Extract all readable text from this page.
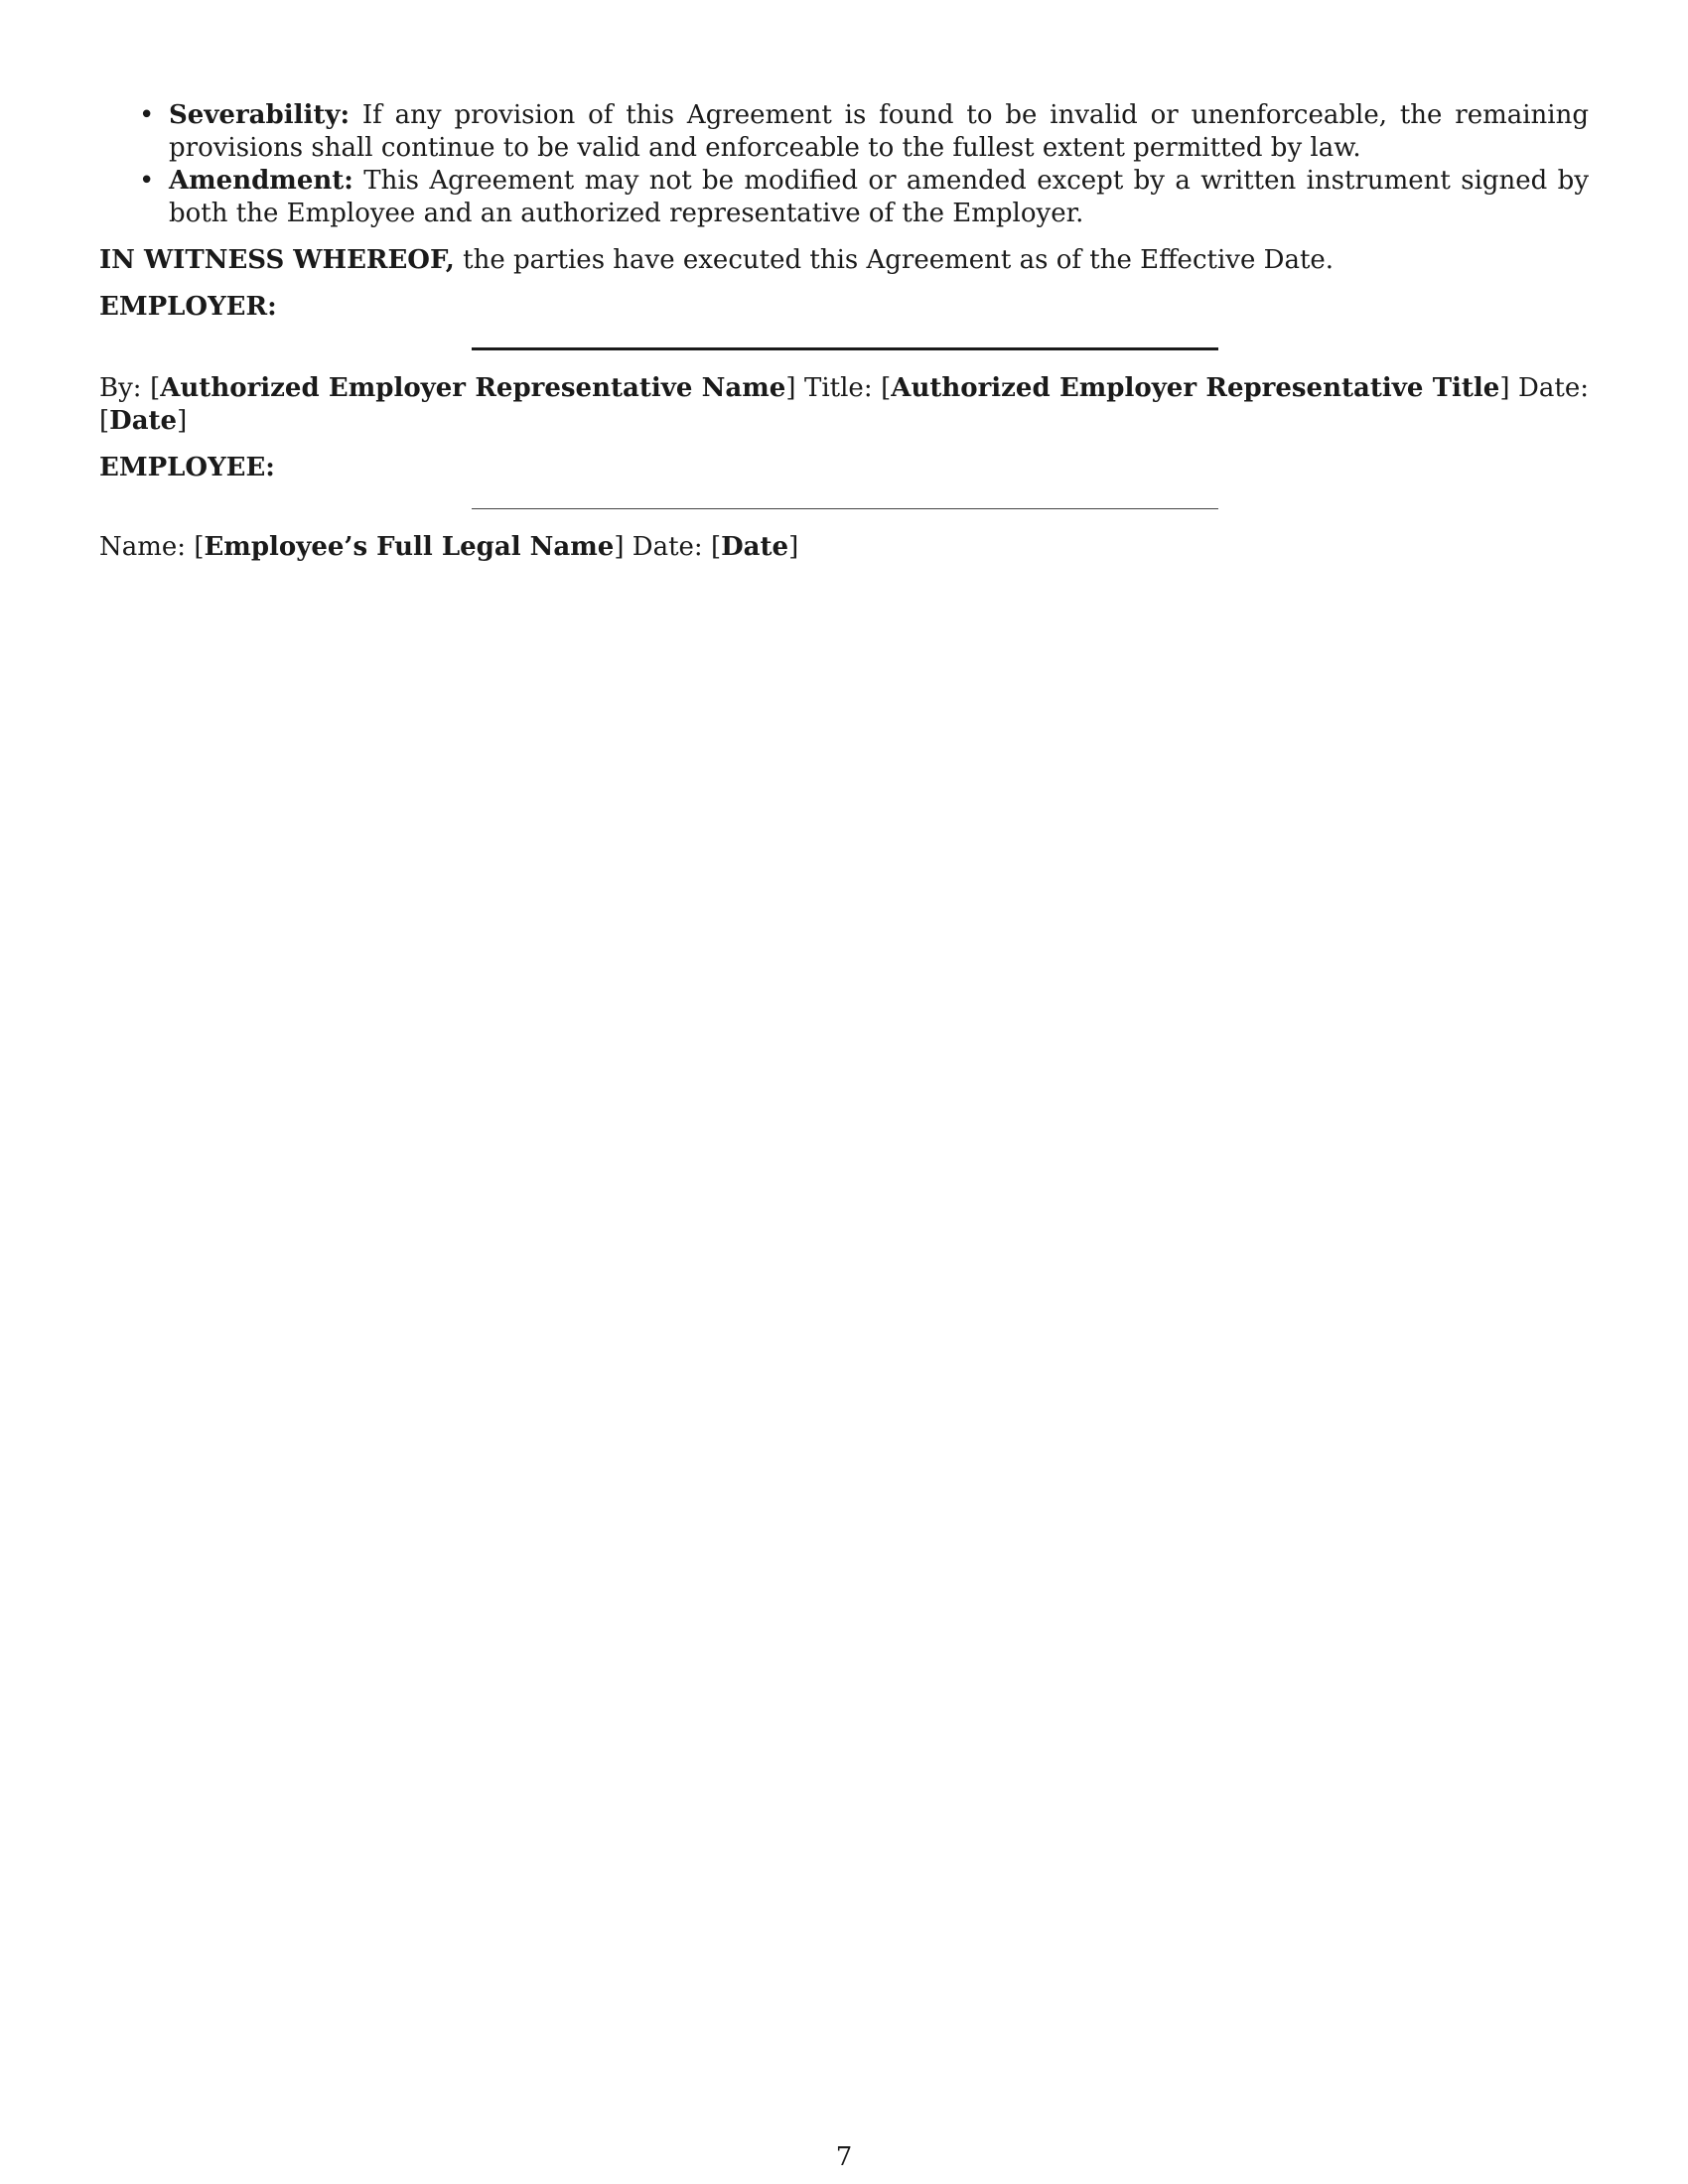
• Severability: If any provision of this Agreement is found to be invalid or unenforceable, the remaining provisions shall continue to be valid and enforceable to the fullest extent permitted by law.
• Amendment: This Agreement may not be modified or amended except by a written instrument signed by both the Employee and an authorized representative of the Employer.

IN WITNESS WHEREOF, the parties have executed this Agreement as of the Effective Date.

EMPLOYER:

By: [Authorized Employer Representative Name] Title: [Authorized Employer Representative Title] Date: [Date]

EMPLOYEE:

Name: [Employee’s Full Legal Name] Date: [Date]

7
